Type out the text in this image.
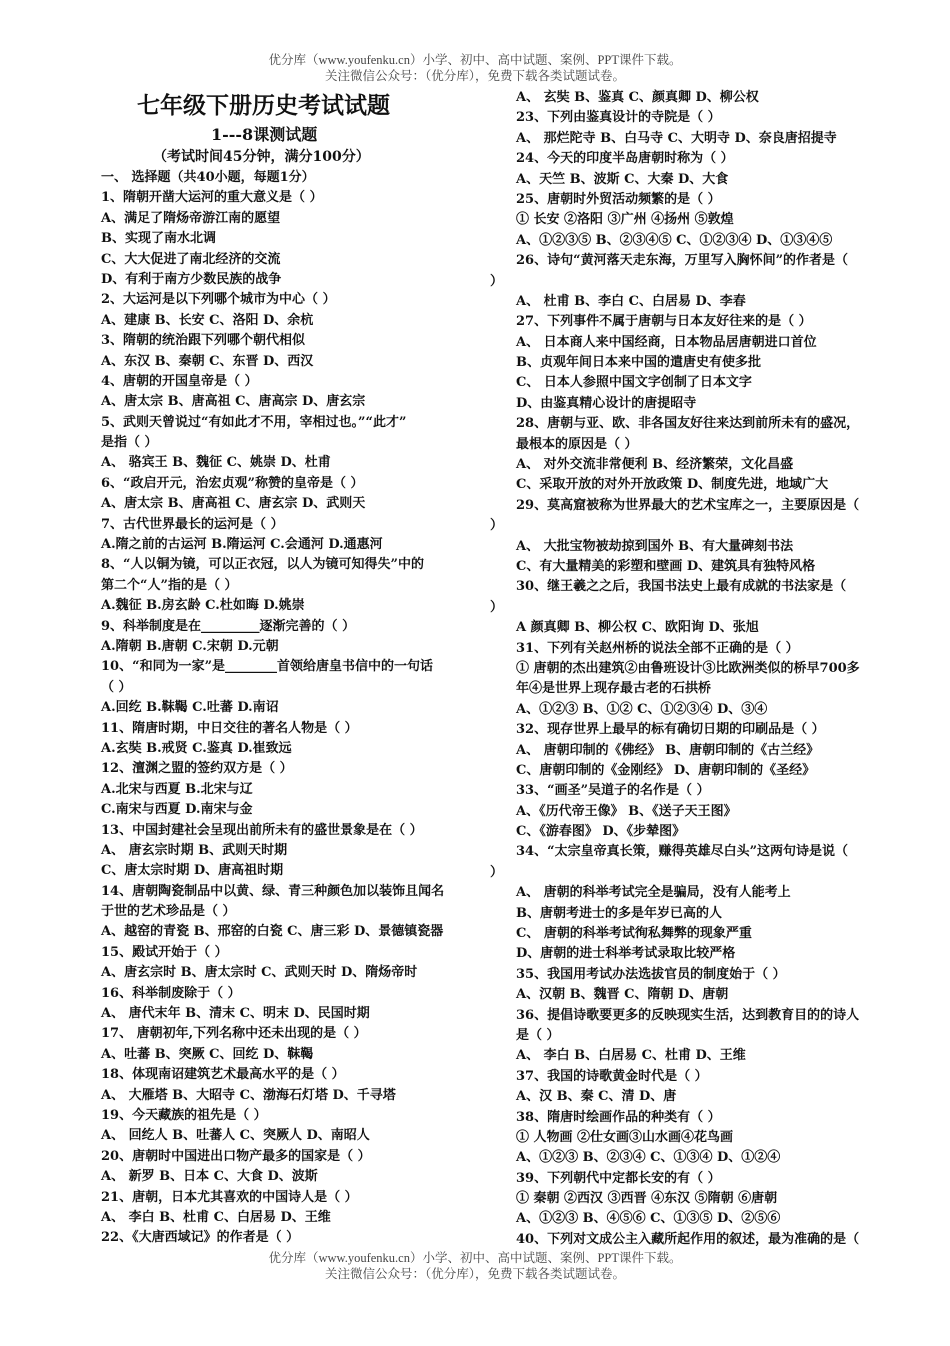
优分库（www.youfenku.cn）小学、初中、高中试题、案例、PPT课件下载。
关注微信公众号：（优分库），免费下载各类试题试卷。
七年级下册历史考试试题
1---8课测试题
（考试时间45分钟，满分100分）
一、 选择题（共40小题，每题1分）
1、隋朝开凿大运河的重大意义是（ ）
A、满足了隋炀帝游江南的愿望
B、实现了南水北调
C、大大促进了南北经济的交流
D、有利于南方少数民族的战争
2、大运河是以下列哪个城市为中心（ ）
A、建康 B、长安 C、洛阳 D、余杭
3、隋朝的统治跟下列哪个朝代相似
A、东汉 B、秦朝 C、东晋 D、西汉
4、唐朝的开国皇帝是（ ）
A、唐太宗 B、唐高祖 C、唐高宗 D、唐玄宗
5、武则天曾说过“有如此才不用，宰相过也。”“此才”
是指（ ）
A、 骆宾王 B、魏征 C、姚崇 D、杜甫
6、“政启开元，治宏贞观”称赞的皇帝是（ ）
A、唐太宗 B、唐高祖 C、唐玄宗 D、武则天
7、古代世界最长的运河是（ ）
A.隋之前的古运河 B.隋运河 C.会通河 D.通惠河
8、“人以铜为镜，可以正衣冠，以人为镜可知得失”中的
第二个“人”指的是（ ）
A.魏征 B.房玄龄 C.杜如晦 D.姚崇
9、科举制度是在_________逐渐完善的（ ）
A.隋朝 B.唐朝 C.宋朝 D.元朝
10、“和同为一家”是________首领给唐皇书信中的一句话
（ ）
A.回纥 B.靺鞨 C.吐蕃 D.南诏
11、隋唐时期，中日交往的著名人物是（ ）
A.玄奘 B.戒贤 C.鉴真 D.崔致远
12、澶渊之盟的签约双方是（ ）
A.北宋与西夏 B.北宋与辽
C.南宋与西夏 D.南宋与金
13、中国封建社会呈现出前所未有的盛世景象是在（ ）
A、 唐玄宗时期 B、武则天时期
C、唐太宗时期 D、唐高祖时期
14、唐朝陶瓷制品中以黄、绿、青三种颜色加以装饰且闻名
于世的艺术珍品是（ ）
A、越窑的青瓷 B、邢窑的白瓷 C、唐三彩 D、景德镇瓷器
15、殿试开始于（ ）
A、唐玄宗时 B、唐太宗时 C、武则天时 D、隋炀帝时
16、科举制废除于（ ）
A、 唐代末年 B、清末 C、明末 D、民国时期
17、 唐朝初年,下列名称中还未出现的是（ ）
A、吐蕃 B、突厥 C、回纥 D、靺鞨
18、体现南诏建筑艺术最高水平的是（ ）
A、 大雁塔 B、大昭寺 C、渤海石灯塔 D、千寻塔
19、今天藏族的祖先是（ ）
A、 回纥人 B、吐蕃人 C、突厥人 D、南昭人
20、唐朝时中国进出口物产最多的国家是（ ）
A、 新罗 B、日本 C、大食 D、波斯
21、唐朝，日本尤其喜欢的中国诗人是（ ）
A、 李白 B、杜甫 C、白居易 D、王维
22、《大唐西域记》的作者是（ ）
A、 玄奘 B、鉴真 C、颜真卿 D、柳公权
23、下列由鉴真设计的寺院是（ ）
A、 那烂陀寺 B、白马寺 C、大明寺 D、奈良唐招提寺
24、今天的印度半岛唐朝时称为（ ）
A、天竺 B、波斯 C、大秦 D、大食
25、唐朝时外贸活动频繁的是（ ）
① 长安 ②洛阳 ③广州 ④扬州 ⑤敦煌
A、①②③⑤ B、②③④⑤ C、①②③④ D、①③④⑤
26、诗句“黄河落天走东海，万里写入胸怀间”的作者是（
）
A、 杜甫 B、李白 C、白居易 D、李春
27、下列事件不属于唐朝与日本友好往来的是（ ）
A、 日本商人来中国经商，日本物品居唐朝进口首位
B、贞观年间日本来中国的遣唐史有使多批
C、 日本人参照中国文字创制了日本文字
D、由鉴真精心设计的唐提昭寺
28、唐朝与亚、欧、非各国友好往来达到前所未有的盛况，
最根本的原因是（ ）
A、 对外交流非常便利 B、经济繁荣，文化昌盛
C、采取开放的对外开放政策 D、制度先进，地域广大
29、莫高窟被称为世界最大的艺术宝库之一，主要原因是（
）
A、 大批宝物被劫掠到国外 B、有大量碑刻书法
C、有大量精美的彩塑和壁画 D、建筑具有独特风格
30、继王羲之之后，我国书法史上最有成就的书法家是（
）
A 颜真卿 B、柳公权 C、欧阳询 D、张旭
31、下列有关赵州桥的说法全部不正确的是（ ）
① 唐朝的杰出建筑②由鲁班设计③比欧洲类似的桥早700多
年④是世界上现存最古老的石拱桥
A、①②③ B、①② C、①②③④ D、③④
32、现存世界上最早的标有确切日期的印刷品是（ ）
A、 唐朝印制的《佛经》 B、唐朝印制的《古兰经》
C、唐朝印制的《金刚经》 D、唐朝印制的《圣经》
33、“画圣”吴道子的名作是（ ）
A、《历代帝王像》 B、《送子天王图》
C、《游春图》 D、《步辇图》
34、“太宗皇帝真长策，赚得英雄尽白头”这两句诗是说（
）
A、 唐朝的科举考试完全是骗局，没有人能考上
B、唐朝考进士的多是年岁已高的人
C、 唐朝的科举考试徇私舞弊的现象严重
D、唐朝的进士科举考试录取比较严格
35、我国用考试办法选拔官员的制度始于（ ）
A、汉朝 B、魏晋 C、隋朝 D、唐朝
36、提倡诗歌要更多的反映现实生活，达到教育目的的诗人
是（ ）
A、 李白 B、白居易 C、杜甫 D、王维
37、我国的诗歌黄金时代是（ ）
A、汉 B、秦 C、清 D、唐
38、隋唐时绘画作品的种类有（ ）
① 人物画 ②仕女画③山水画④花鸟画
A、①②③ B、②③④ C、①③④ D、①②④
39、下列朝代中定都长安的有（ ）
① 秦朝 ②西汉 ③西晋 ④东汉 ⑤隋朝 ⑥唐朝
A、①②③ B、④⑤⑥ C、①③⑤ D、②⑤⑥
40、下列对文成公主入藏所起作用的叙述，最为准确的是（
优分库（www.youfenku.cn）小学、初中、高中试题、案例、PPT课件下载。
关注微信公众号：（优分库），免费下载各类试题试卷。
